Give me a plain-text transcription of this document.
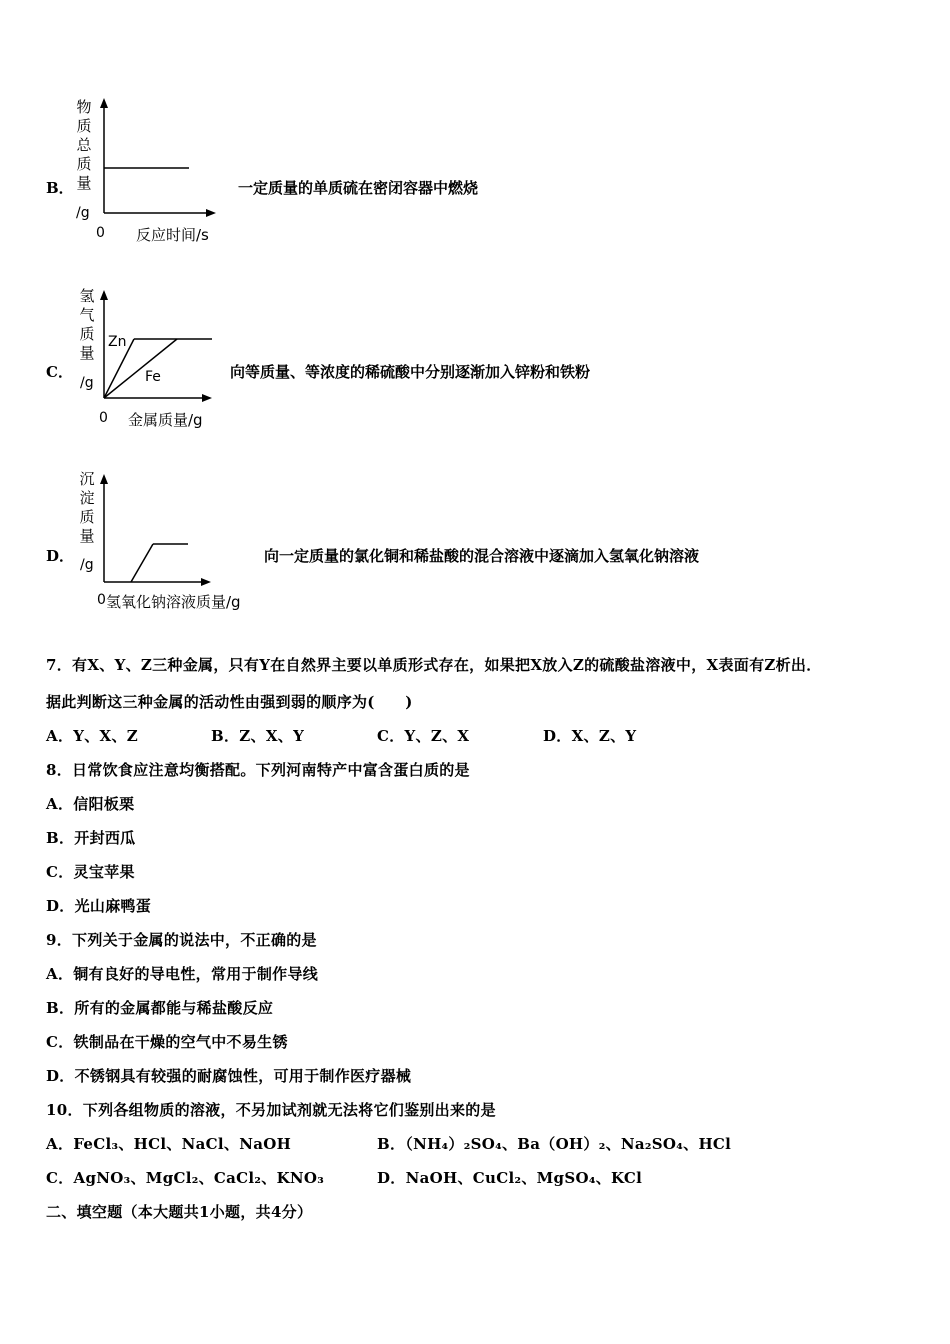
B．
物质总质量
/g
0 反应时间/s
一定质量的单质硫在密闭容器中燃烧
C．
氢气质量
/g
Zn
Fe
0 金属质量/g
向等质量、等浓度的稀硫酸中分别逐渐加入锌粉和铁粉
D．
沉淀质量
/g
0 氢氧化钠溶液质量/g
向一定质量的氯化铜和稀盐酸的混合溶液中逐滴加入氢氧化钠溶液
7．有X、Y、Z三种金属，只有Y在自然界主要以单质形式存在，如果把X放入Z的硫酸盐溶液中，X表面有Z析出．
据此判断这三种金属的活动性由强到弱的顺序为(　　)
A．Y、X、Z	B．Z、X、Y	C．Y、Z、X	D．X、Z、Y
8．日常饮食应注意均衡搭配。下列河南特产中富含蛋白质的是
A．信阳板栗
B．开封西瓜
C．灵宝苹果
D．光山麻鸭蛋
9．下列关于金属的说法中，不正确的是
A．铜有良好的导电性，常用于制作导线
B．所有的金属都能与稀盐酸反应
C．铁制品在干燥的空气中不易生锈
D．不锈钢具有较强的耐腐蚀性，可用于制作医疗器械
10．下列各组物质的溶液，不另加试剂就无法将它们鉴别出来的是
A．FeCl₃、HCl、NaCl、NaOH	B．（NH₄）₂SO₄、Ba（OH）₂、Na₂SO₄、HCl
C．AgNO₃、MgCl₂、CaCl₂、KNO₃	D．NaOH、CuCl₂、MgSO₄、KCl
二、填空题（本大题共1小题，共4分）
